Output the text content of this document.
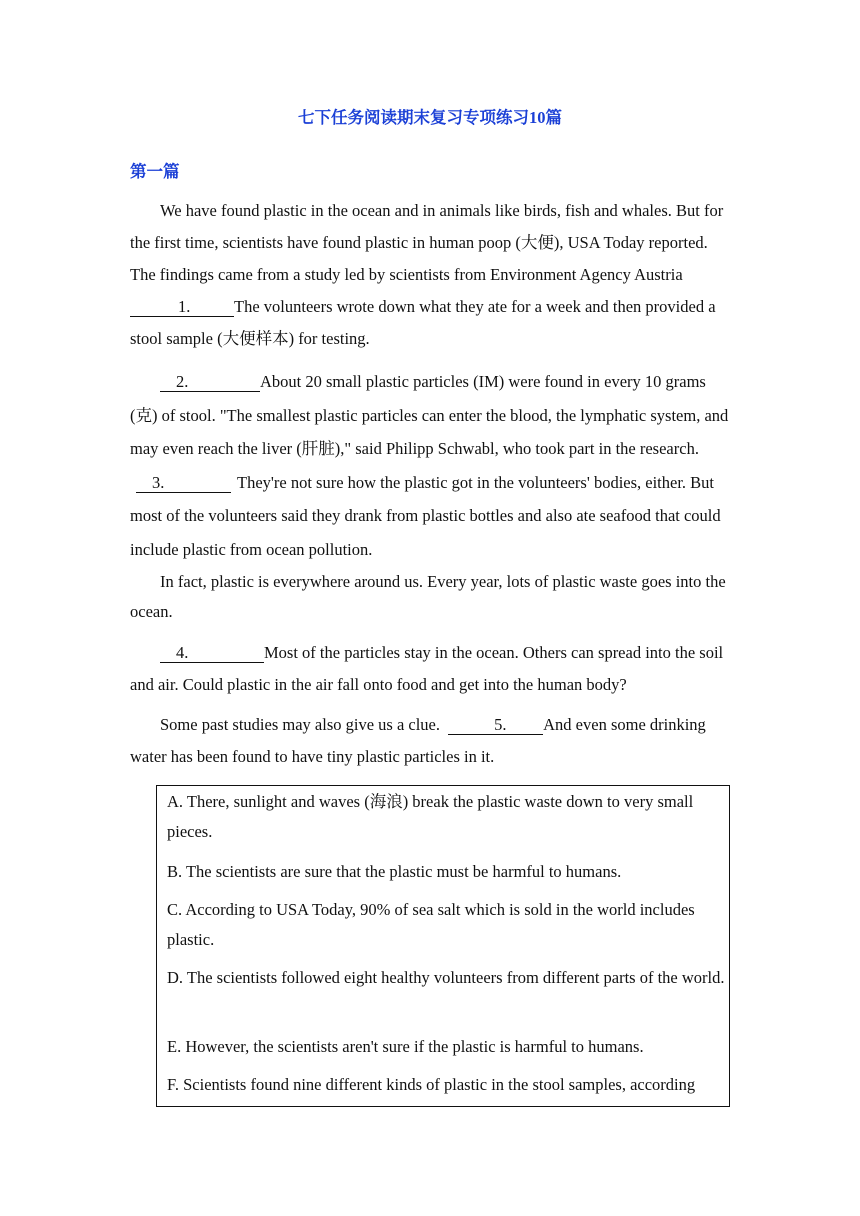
七下任务阅读期末复习专项练习10篇
第一篇

We have found plastic in the ocean and in animals like birds, fish and whales. But for the first time, scientists have found plastic in human poop (大便), USA Today reported. The findings came from a study led by scientists from Environment Agency Austria1.	The volunteers wrote down what they ate for a week and then provided a stool sample (大便样本) for testing.

2.	About 20 small plastic particles (IM) were found in every 10 grams (克) of stool. "The smallest plastic particles can enter the blood, the lymphatic system, and may even reach the liver (肝脏)," said Philipp Schwabl, who took part in the research. 3.	They're not sure how the plastic got in the volunteers' bodies, either. But most of the volunteers said they drank from plastic bottles and also ate seafood that could include plastic from ocean pollution.

In fact, plastic is everywhere around us. Every year, lots of plastic waste goes into the ocean.

4.	Most of the particles stay in the ocean. Others can spread into the soil and air. Could plastic in the air fall onto food and get into the human body?

Some past studies may also give us a clue.	5. And even some drinking water has been found to have tiny plastic particles in it.

A. There, sunlight and waves (海浪) break the plastic waste down to very small pieces.

B. The scientists are sure that the plastic must be harmful to humans.

C. According to USA Today, 90% of sea salt which is sold in the world includes plastic.

D. The scientists followed eight healthy volunteers from different parts of the world.

E. However, the scientists aren't sure if the plastic is harmful to humans.

F. Scientists found nine different kinds of plastic in the stool samples, according
